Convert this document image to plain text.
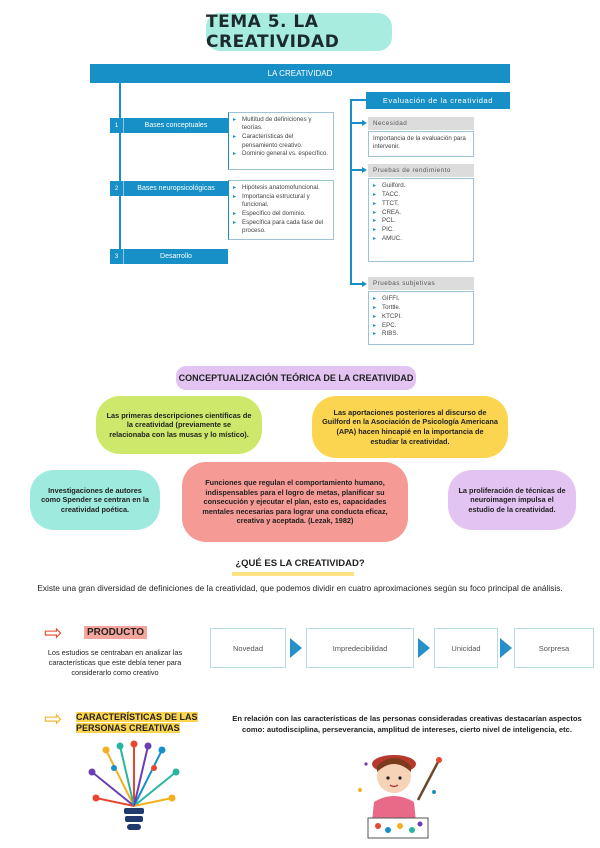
TEMA 5. LA CREATIVIDAD
LA CREATIVIDAD
1	Bases conceptuales
▸ Multitud de definiciones y teorías.
▸ Características del pensamiento creativo.
▸ Dominio general vs. específico.
2	Bases neuropsicológicas
▸	Hipótesis anatomofuncional.
▸ Importancia estructural y funcional.
▸ Específico del dominio.
▸ Específica para cada fase del proceso.
3	Desarrollo
Evaluación de la creatividad
Necesidad
Importancia de la evaluación para intervenir.
Pruebas de rendimiento
▸ Guilford.
▸ TACC.
▸ TTCT.
▸ CREA.
▸ PCL.
▸ PIC.
▸ AMUC.
Pruebas subjetivas
▸ GIFFI.
▸ Torttle.
▸ KTCPI.
▸ EPC.
▸ RIBS.
CONCEPTUALIZACIÓN TEÓRICA DE LA CREATIVIDAD
Las primeras descripciones científicas de la creatividad (previamente se relacionaba con las musas y lo místico).
Las aportaciones posteriores al discurso de Guilford en la Asociación de Psicología Americana (APA) hacen hincapié en la importancia de estudiar la creatividad.
Investigaciones de autores como Spender se centran en la creatividad poética.
Funciones que regulan el comportamiento humano, indispensables para el logro de metas, planificar su consecución y ejecutar el plan, esto es, capacidades mentales necesarias para lograr una conducta eficaz, creativa y aceptada. (Lezak, 1982)
La proliferación de técnicas de neuroimagen impulsa el estudio de la creatividad.
¿QUÉ ES LA CREATIVIDAD?
Existe una gran diversidad de definiciones de la creatividad, que podemos dividir en cuatro aproximaciones según su foco principal de análisis.
⇨	PRODUCTO
Los estudios se centraban en analizar las características que este debía tener para considerarlo como creativo
Novedad	Impredecibilidad	Unicidad	Sorpresa
⇨ CARACTERÍSTICAS DE LAS
PERSONAS CREATIVAS
En relación con las características de las personas consideradas creativas destacarían aspectos como: autodisciplina, perseverancia, amplitud de intereses, cierto nivel de inteligencia, etc.
